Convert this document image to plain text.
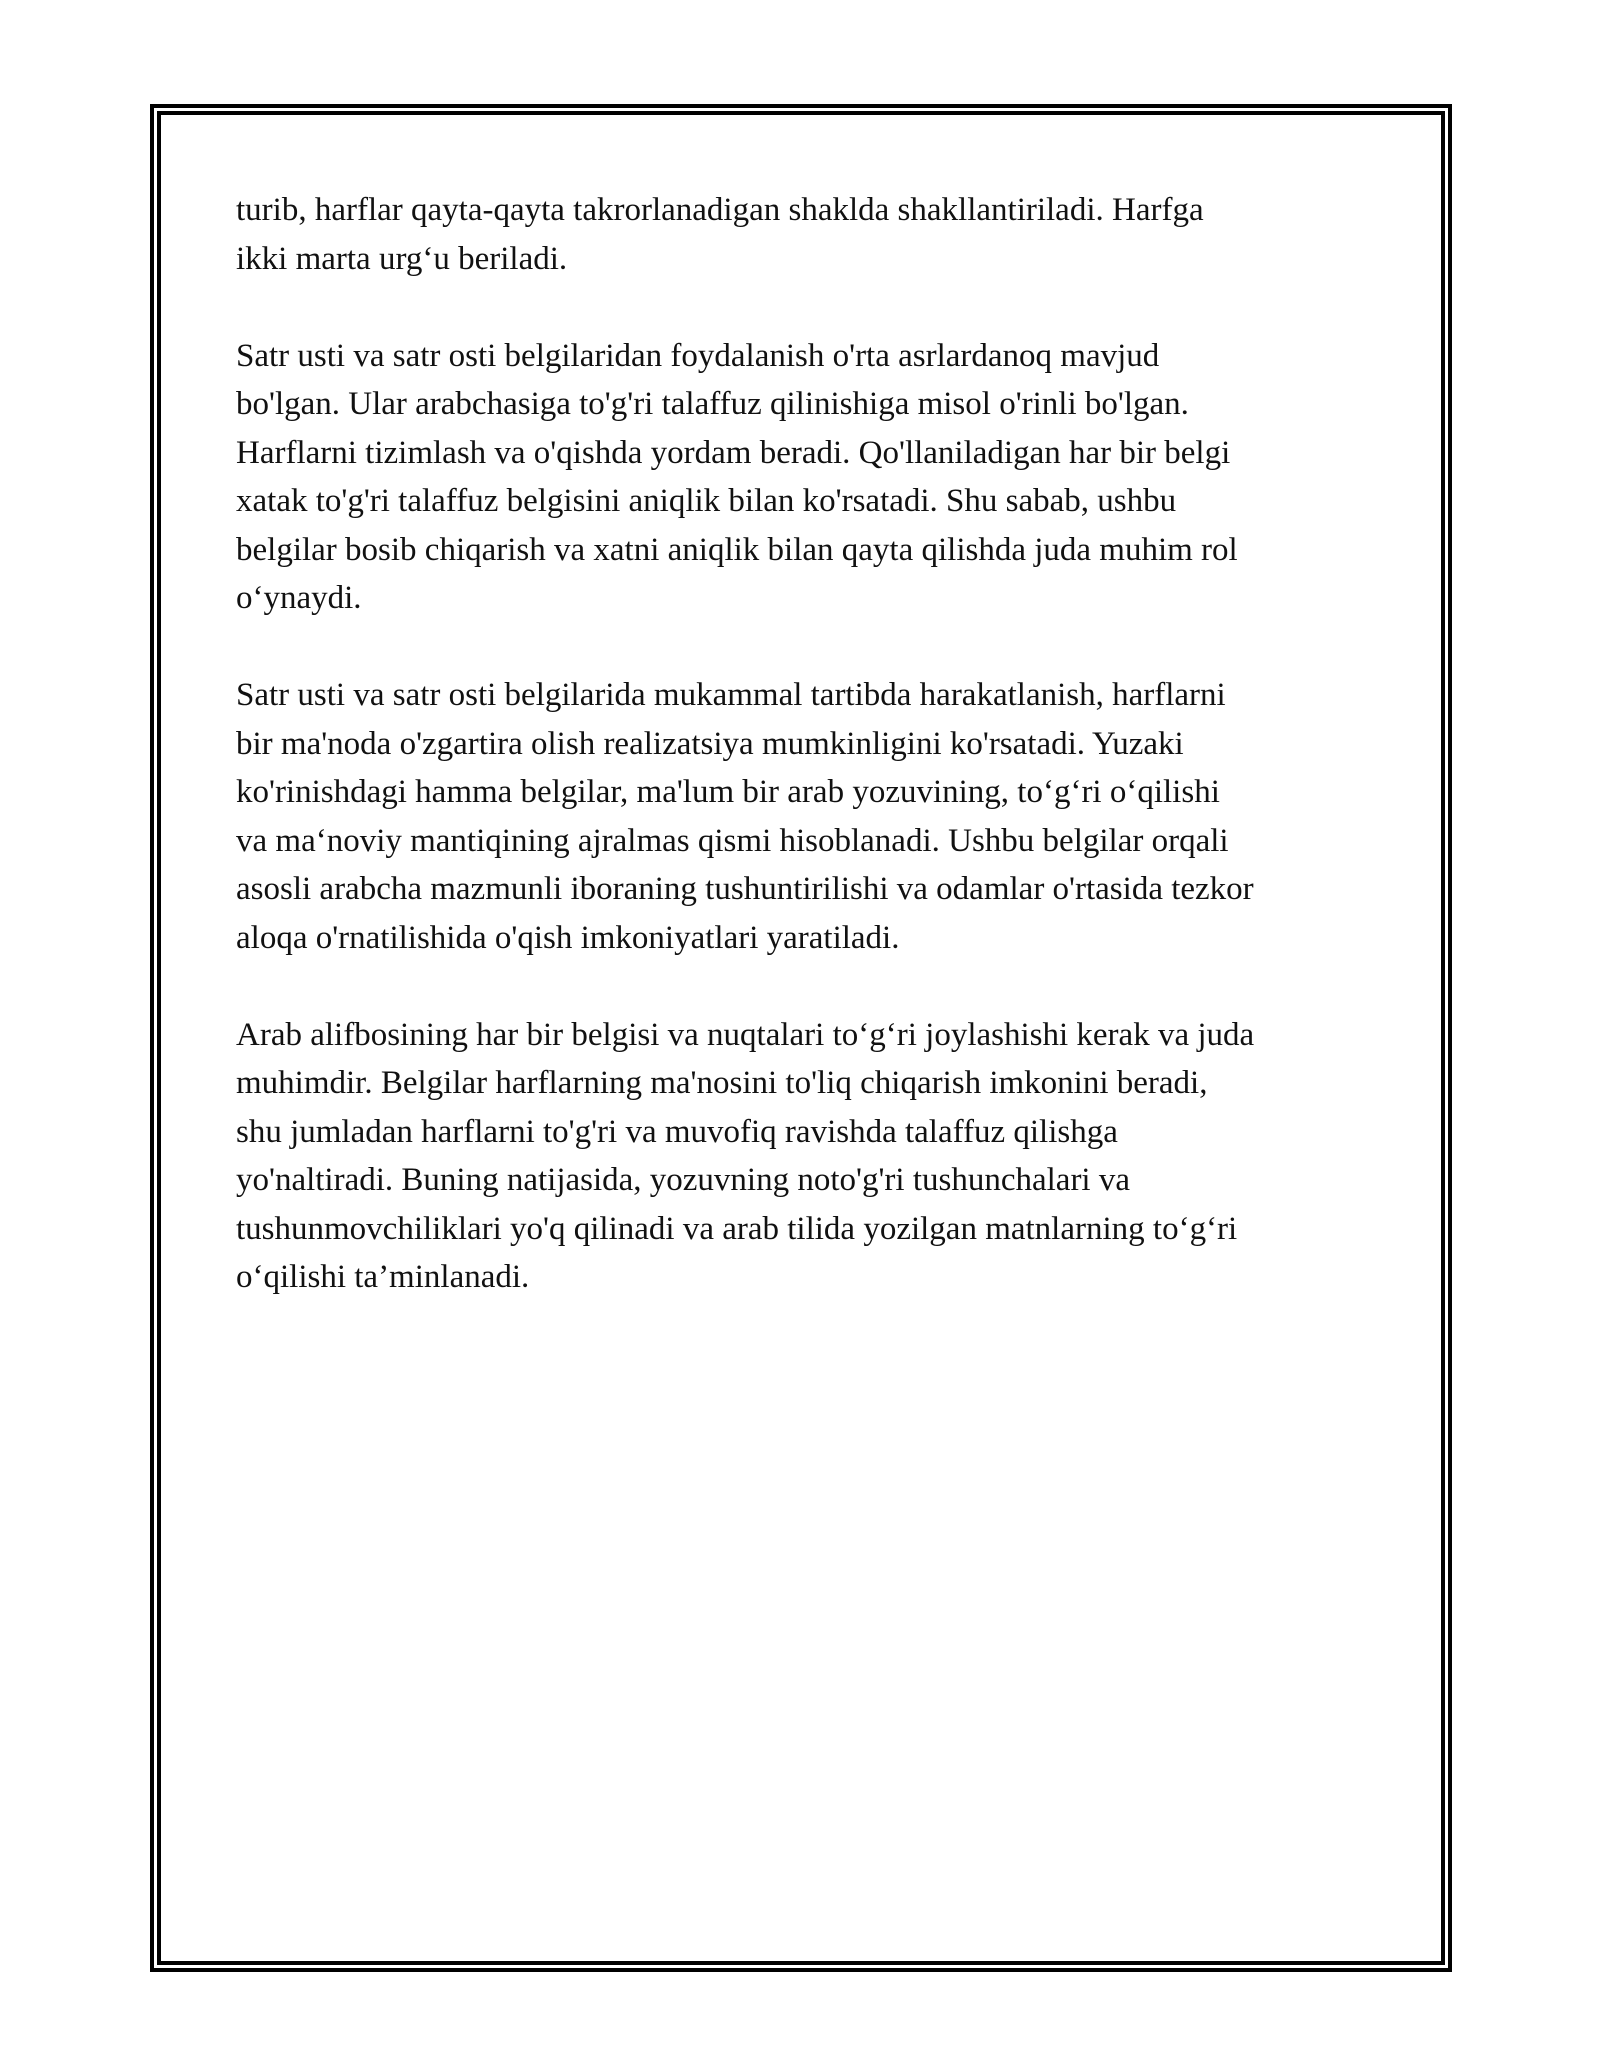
turib, harflar qayta-qayta takrorlanadigan shaklda shakllantiriladi. Harfga
ikki marta urg‘u beriladi.

Satr usti va satr osti belgilaridan foydalanish o'rta asrlardanoq mavjud
bo'lgan. Ular arabchasiga to'g'ri talaffuz qilinishiga misol o'rinli bo'lgan.
Harflarni tizimlash va o'qishda yordam beradi. Qo'llaniladigan har bir belgi
xatak to'g'ri talaffuz belgisini aniqlik bilan ko'rsatadi. Shu sabab, ushbu
belgilar bosib chiqarish va xatni aniqlik bilan qayta qilishda juda muhim rol
o‘ynaydi.

Satr usti va satr osti belgilarida mukammal tartibda harakatlanish, harflarni
bir ma'noda o'zgartira olish realizatsiya mumkinligini ko'rsatadi. Yuzaki
ko'rinishdagi hamma belgilar, ma'lum bir arab yozuvining, to‘g‘ri o‘qilishi
va ma‘noviy mantiqining ajralmas qismi hisoblanadi. Ushbu belgilar orqali
asosli arabcha mazmunli iboraning tushuntirilishi va odamlar o'rtasida tezkor
aloqa o'rnatilishida o'qish imkoniyatlari yaratiladi.

Arab alifbosining har bir belgisi va nuqtalari to‘g‘ri joylashishi kerak va juda
muhimdir. Belgilar harflarning ma'nosini to'liq chiqarish imkonini beradi,
shu jumladan harflarni to'g'ri va muvofiq ravishda talaffuz qilishga
yo'naltiradi. Buning natijasida, yozuvning noto'g'ri tushunchalari va
tushunmovchiliklari yo'q qilinadi va arab tilida yozilgan matnlarning to‘g‘ri
o‘qilishi ta’minlanadi.
